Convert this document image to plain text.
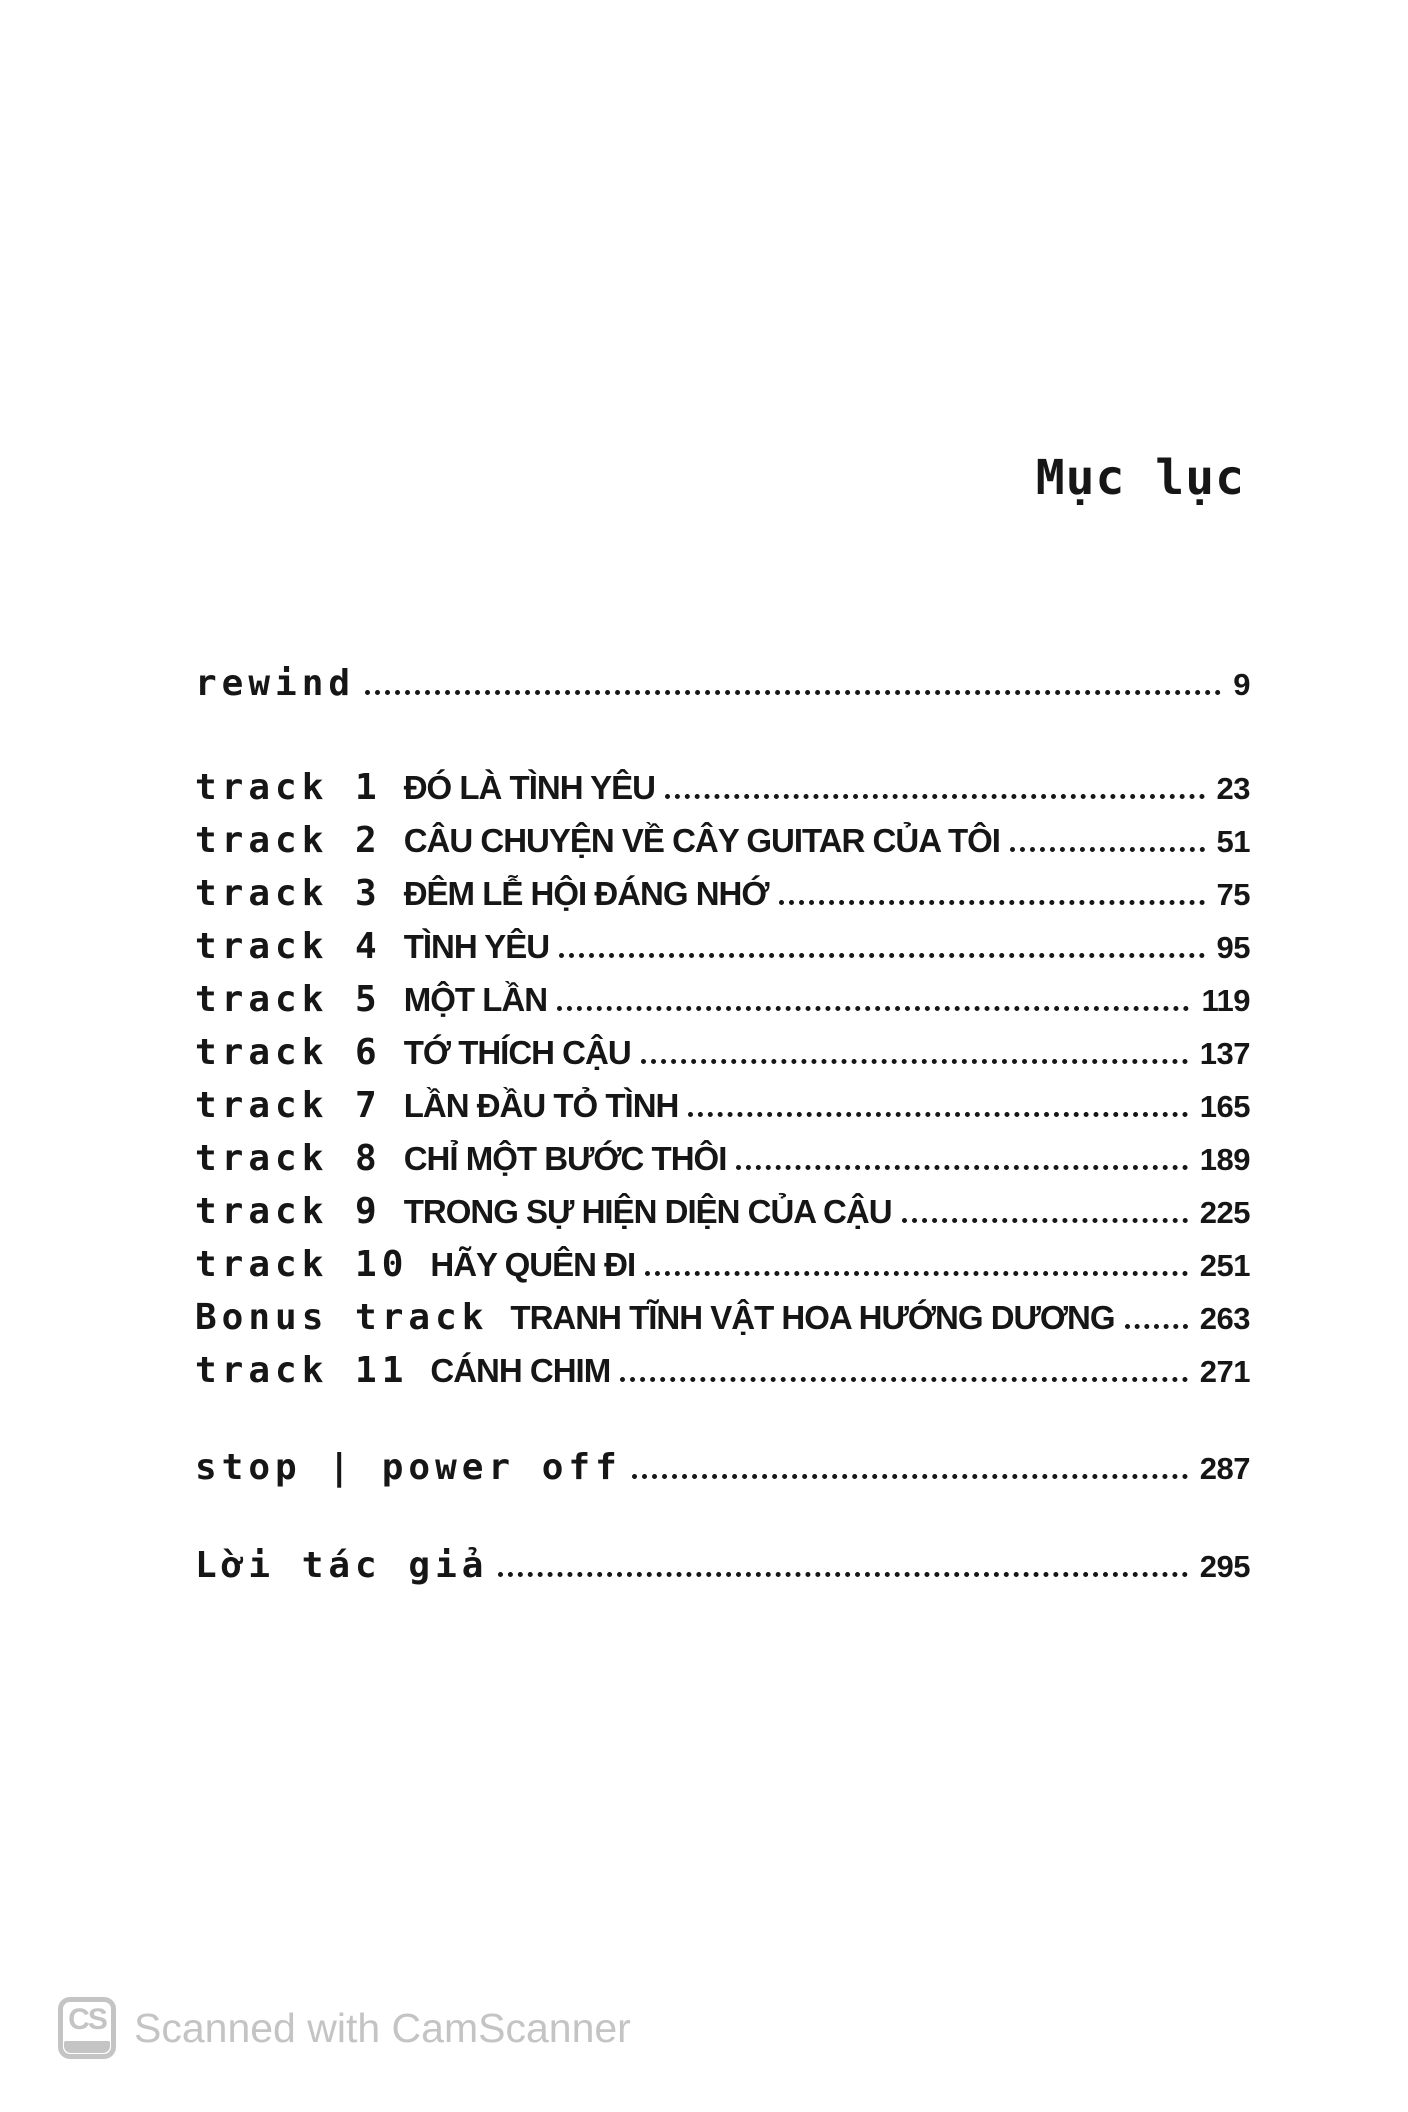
Mục lục
rewind	9
track 1 ĐÓ LÀ TÌNH YÊU	23
track 2 CÂU CHUYỆN VỀ CÂY GUITAR CỦA TÔI	51
track 3 ĐÊM LỄ HỘI ĐÁNG NHỚ	75
track 4 TÌNH YÊU	95
track 5 MỘT LẦN	119
track 6 TỚ THÍCH CẬU	137
track 7 LẦN ĐẦU TỎ TÌNH	165
track 8 CHỈ MỘT BƯỚC THÔI	189
track 9 TRONG SỰ HIỆN DIỆN CỦA CẬU	225
track 10 HÃY QUÊN ĐI	251
Bonus track TRANH TĨNH VẬT HOA HƯỚNG DƯƠNG	263
track 11 CÁNH CHIM	271
stop | power off	287
Lời tác giả	295
CS Scanned with CamScanner
